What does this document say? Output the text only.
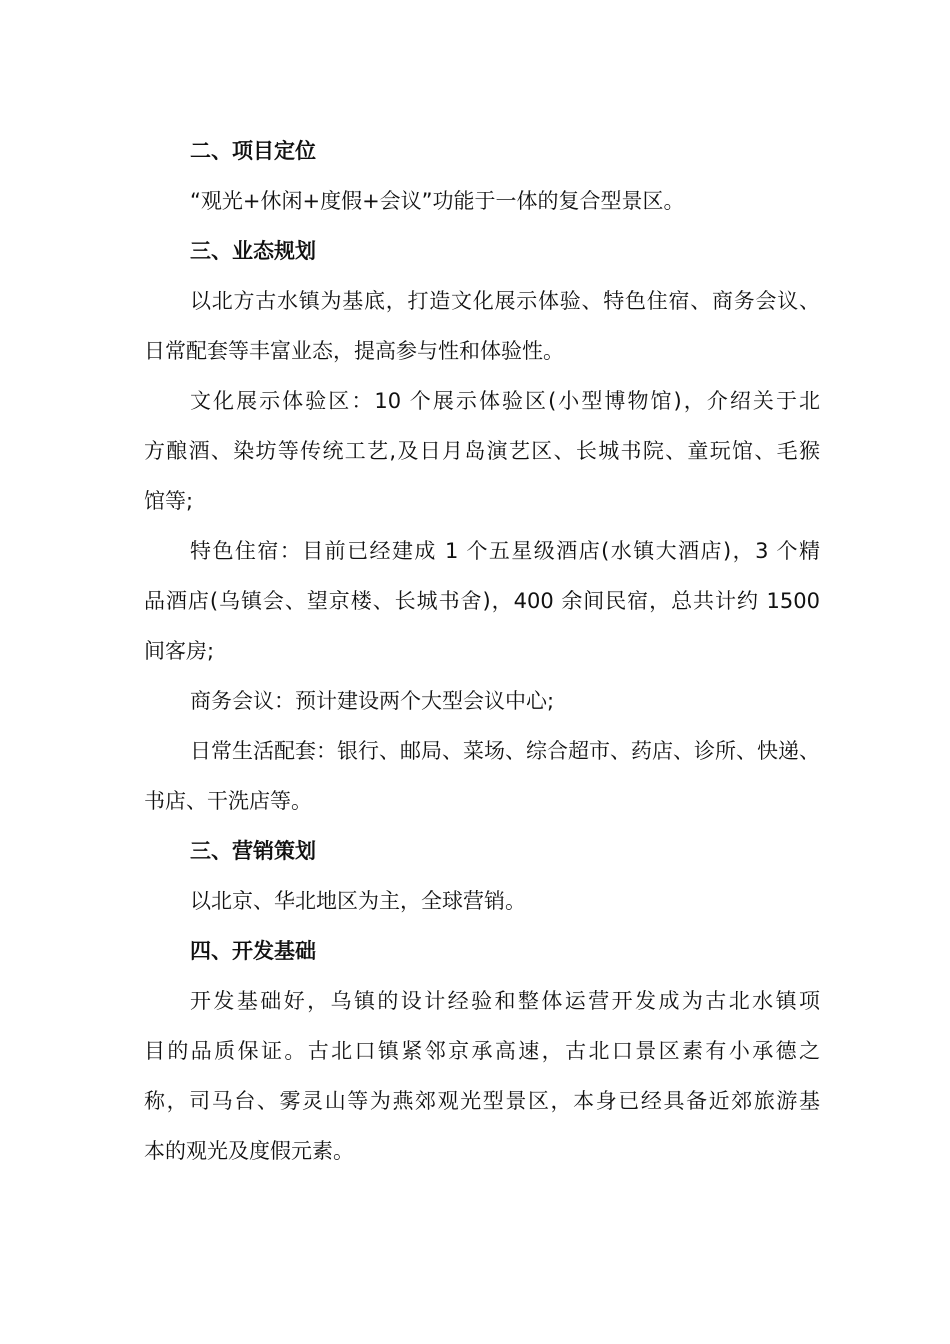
二、项目定位
“观光+休闲+度假+会议”功能于一体的复合型景区。
三、业态规划
以北方古水镇为基底，打造文化展示体验、特色住宿、商务会议、
日常配套等丰富业态，提高参与性和体验性。
文化展示体验区：10 个展示体验区(小型博物馆)，介绍关于北
方酿酒、染坊等传统工艺,及日月岛演艺区、长城书院、童玩馆、毛猴
馆等;
特色住宿：目前已经建成 1 个五星级酒店(水镇大酒店)，3 个精
品酒店(乌镇会、望京楼、长城书舍)，400 余间民宿，总共计约 1500
间客房;
商务会议：预计建设两个大型会议中心;
日常生活配套：银行、邮局、菜场、综合超市、药店、诊所、快递、
书店、干洗店等。
三、营销策划
以北京、华北地区为主，全球营销。
四、开发基础
开发基础好，乌镇的设计经验和整体运营开发成为古北水镇项
目的品质保证。古北口镇紧邻京承高速，古北口景区素有小承德之
称，司马台、雾灵山等为燕郊观光型景区，本身已经具备近郊旅游基
本的观光及度假元素。
